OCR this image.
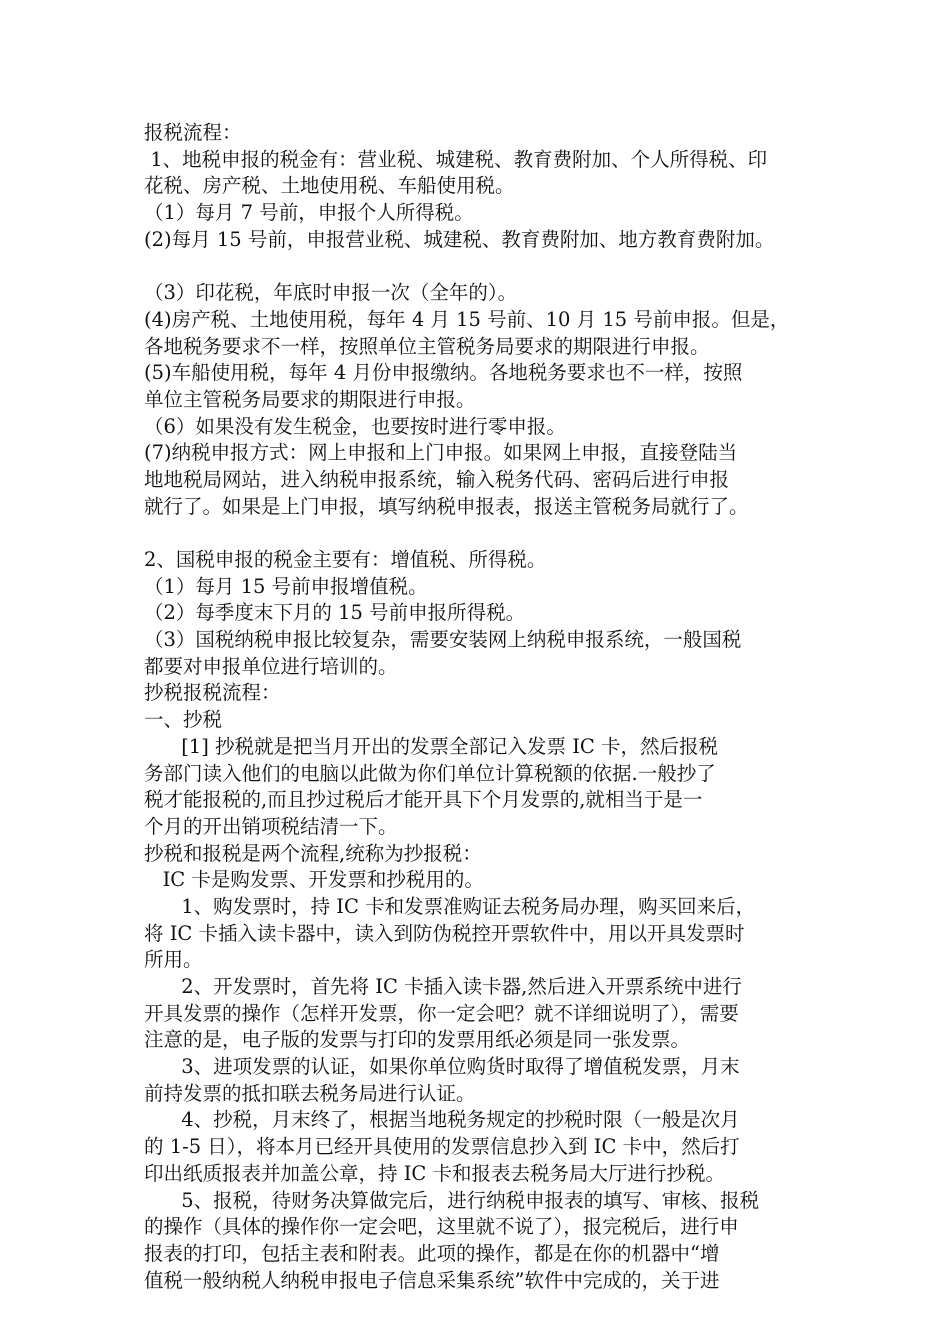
报税流程：
1、地税申报的税金有：营业税、城建税、教育费附加、个人所得税、印
花税、房产税、土地使用税、车船使用税。
（1）每月 7 号前，申报个人所得税。
(2)每月 15 号前，申报营业税、城建税、教育费附加、地方教育费附加。
（3）印花税，年底时申报一次（全年的）。
(4)房产税、土地使用税，每年 4 月 15 号前、10 月 15 号前申报。但是，
各地税务要求不一样，按照单位主管税务局要求的期限进行申报。
(5)车船使用税，每年 4 月份申报缴纳。各地税务要求也不一样，按照
单位主管税务局要求的期限进行申报。
（6）如果没有发生税金，也要按时进行零申报。
(7)纳税申报方式：网上申报和上门申报。如果网上申报，直接登陆当
地地税局网站，进入纳税申报系统，输入税务代码、密码后进行申报
就行了。如果是上门申报，填写纳税申报表，报送主管税务局就行了。
2、国税申报的税金主要有：增值税、所得税。
（1）每月 15 号前申报增值税。
（2）每季度末下月的 15 号前申报所得税。
（3）国税纳税申报比较复杂，需要安装网上纳税申报系统，一般国税
都要对申报单位进行培训的。
抄税报税流程：
一、抄税
[1] 抄税就是把当月开出的发票全部记入发票 IC 卡，然后报税
务部门读入他们的电脑以此做为你们单位计算税额的依据.一般抄了
税才能报税的,而且抄过税后才能开具下个月发票的,就相当于是一
个月的开出销项税结清一下。
抄税和报税是两个流程,统称为抄报税：
IC 卡是购发票、开发票和抄税用的。
1、购发票时，持 IC 卡和发票准购证去税务局办理，购买回来后，
将 IC 卡插入读卡器中，读入到防伪税控开票软件中，用以开具发票时
所用。
2、开发票时，首先将 IC 卡插入读卡器,然后进入开票系统中进行
开具发票的操作（怎样开发票，你一定会吧？就不详细说明了），需要
注意的是，电子版的发票与打印的发票用纸必须是同一张发票。
3、进项发票的认证，如果你单位购货时取得了增值税发票，月末
前持发票的抵扣联去税务局进行认证。
4、抄税，月末终了，根据当地税务规定的抄税时限（一般是次月
的 1-5 日），将本月已经开具使用的发票信息抄入到 IC 卡中，然后打
印出纸质报表并加盖公章，持 IC 卡和报表去税务局大厅进行抄税。
5、报税，待财务决算做完后，进行纳税申报表的填写、审核、报税
的操作（具体的操作你一定会吧，这里就不说了），报完税后，进行申
报表的打印，包括主表和附表。此项的操作，都是在你的机器中“增
值税一般纳税人纳税申报电子信息采集系统”软件中完成的，关于进
